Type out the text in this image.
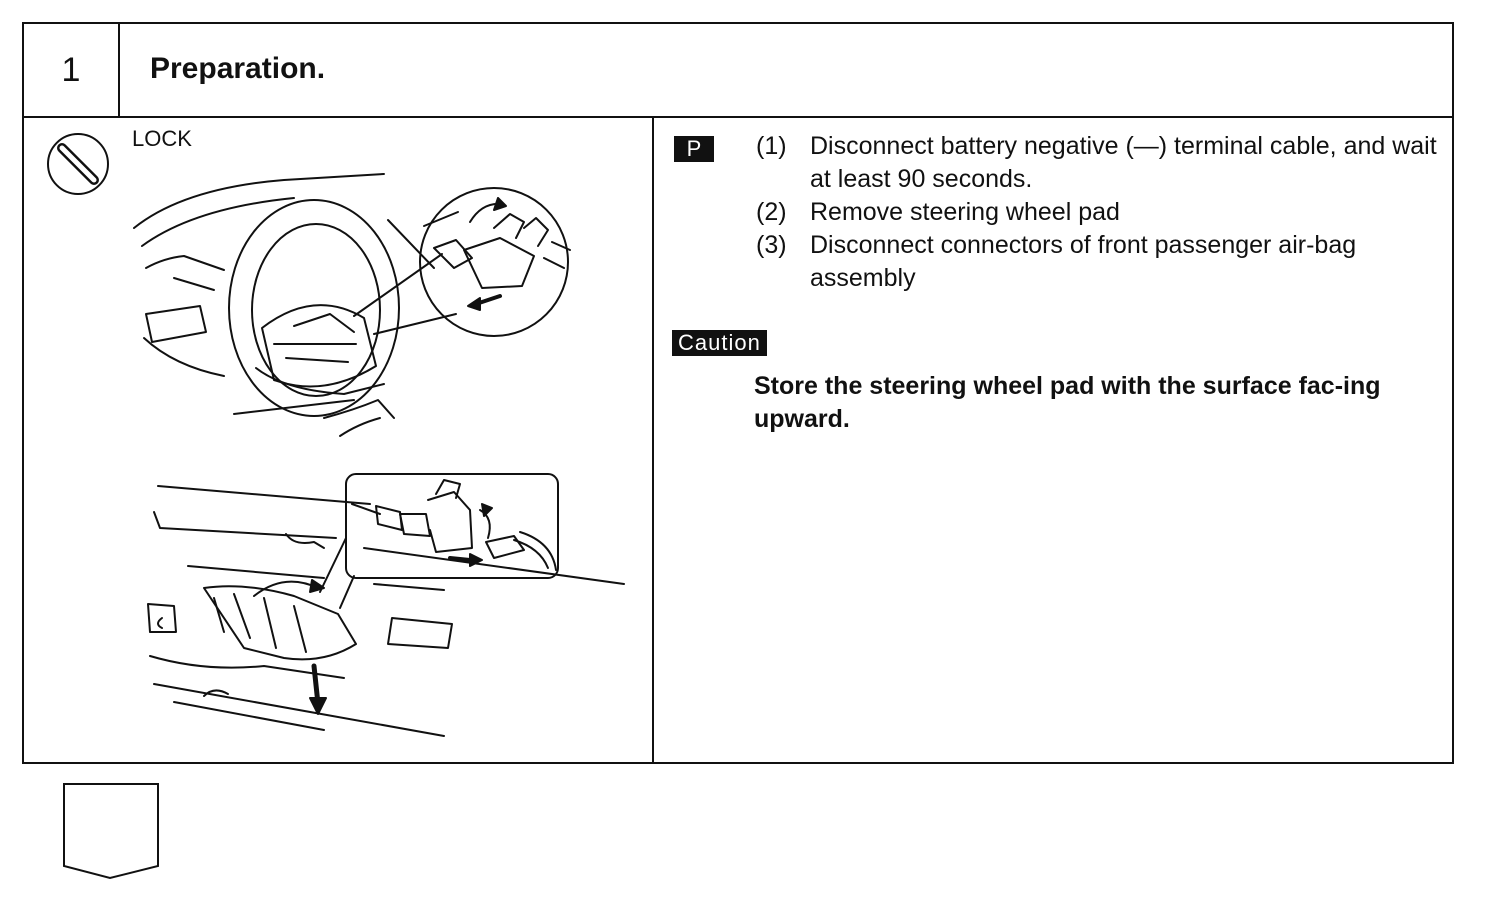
1	Preparation.
LOCK	P	(1) Disconnect battery negative (—) terminal cable, and wait at least 90 seconds.
(2) Remove steering wheel pad
(3) Disconnect connectors of front passenger air-bag assembly
Caution
Store the steering wheel pad with the surface fac-ing upward.
